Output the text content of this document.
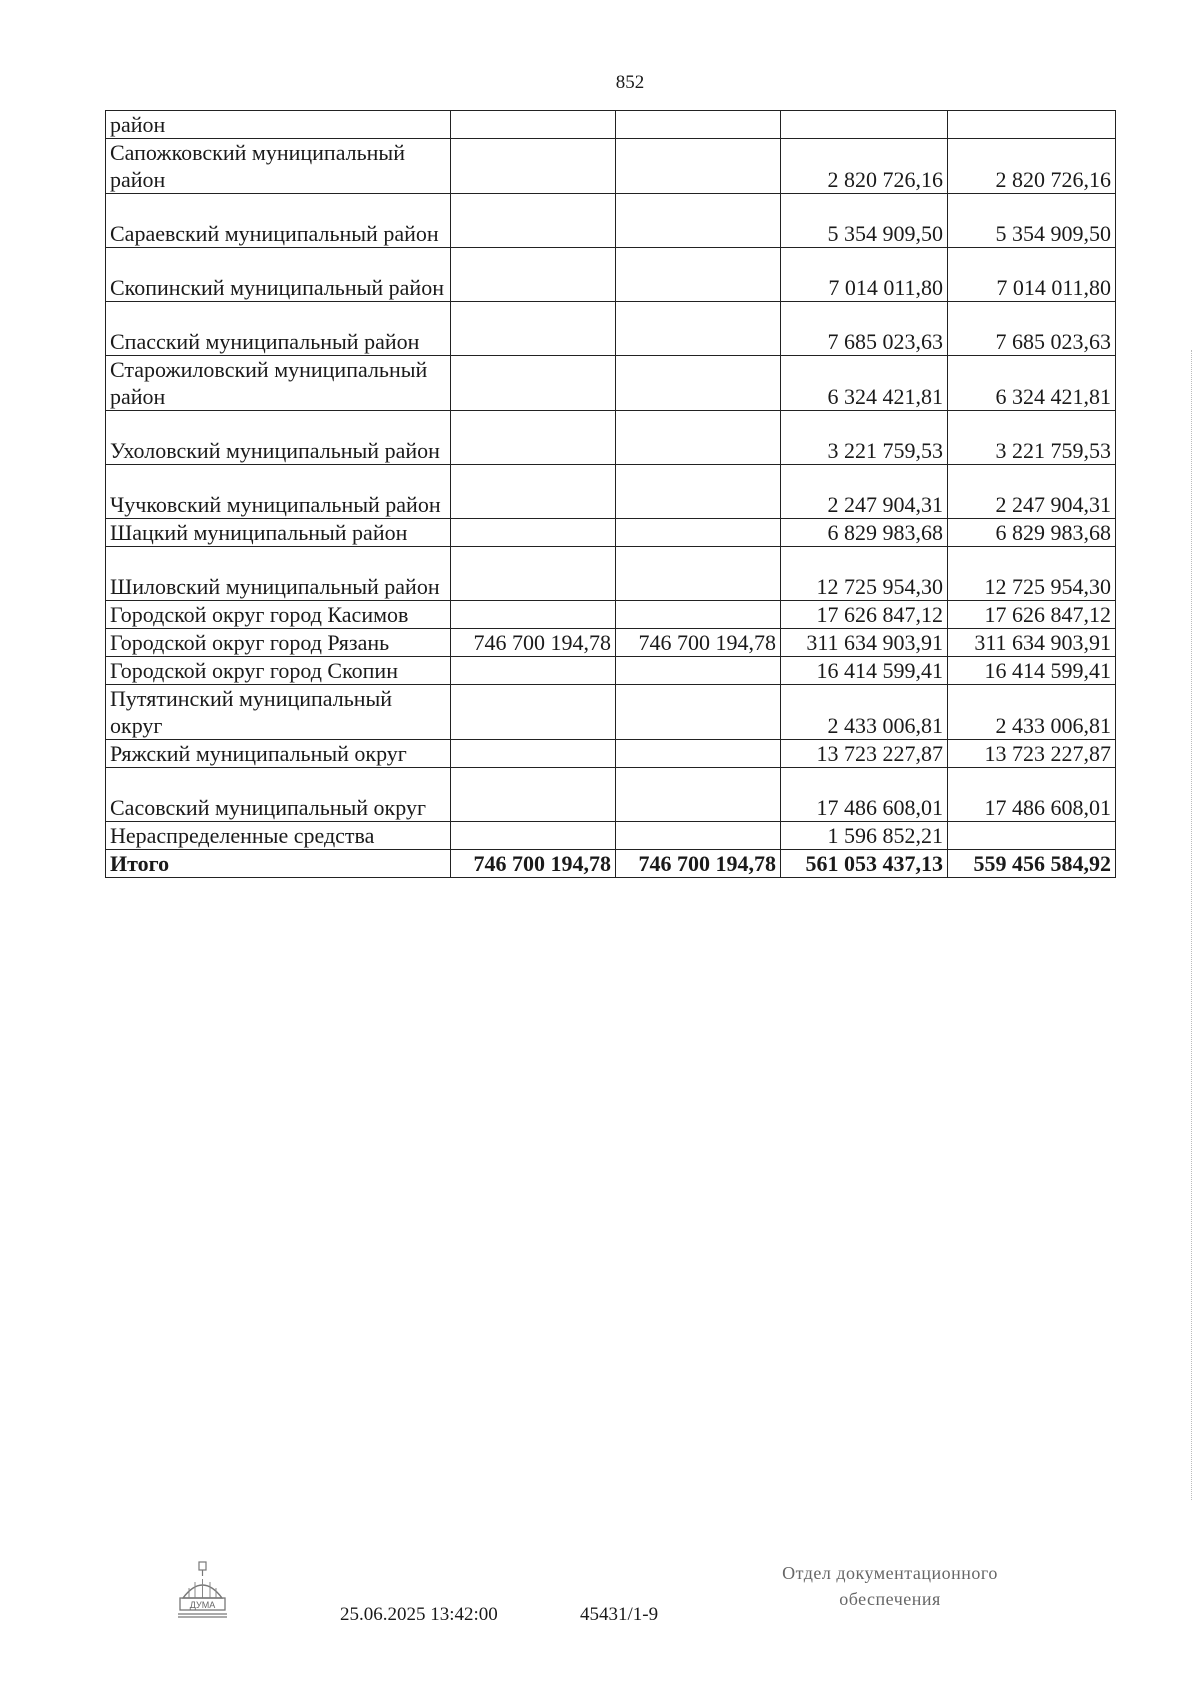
852
район				
Сапожковский муниципальный район			2 820 726,16	2 820 726,16
Сараевский муниципальный район			5 354 909,50	5 354 909,50
Скопинский муниципальный район			7 014 011,80	7 014 011,80
Спасский муниципальный район			7 685 023,63	7 685 023,63
Старожиловский муниципальный район			6 324 421,81	6 324 421,81
Ухоловский муниципальный район			3 221 759,53	3 221 759,53
Чучковский муниципальный район			2 247 904,31	2 247 904,31
Шацкий муниципальный район			6 829 983,68	6 829 983,68
Шиловский муниципальный район			12 725 954,30	12 725 954,30
Городской округ город Касимов			17 626 847,12	17 626 847,12
Городской округ город Рязань	746 700 194,78	746 700 194,78	311 634 903,91	311 634 903,91
Городской округ город Скопин			16 414 599,41	16 414 599,41
Путятинский муниципальный округ			2 433 006,81	2 433 006,81
Ряжский муниципальный округ			13 723 227,87	13 723 227,87
Сасовский муниципальный округ			17 486 608,01	17 486 608,01
Нераспределенные средства			1 596 852,21	
Итого	746 700 194,78	746 700 194,78	561 053 437,13	559 456 584,92
ДУМА	25.06.2025 13:42:00	45431/1-9
Отдел документационного
обеспечения
